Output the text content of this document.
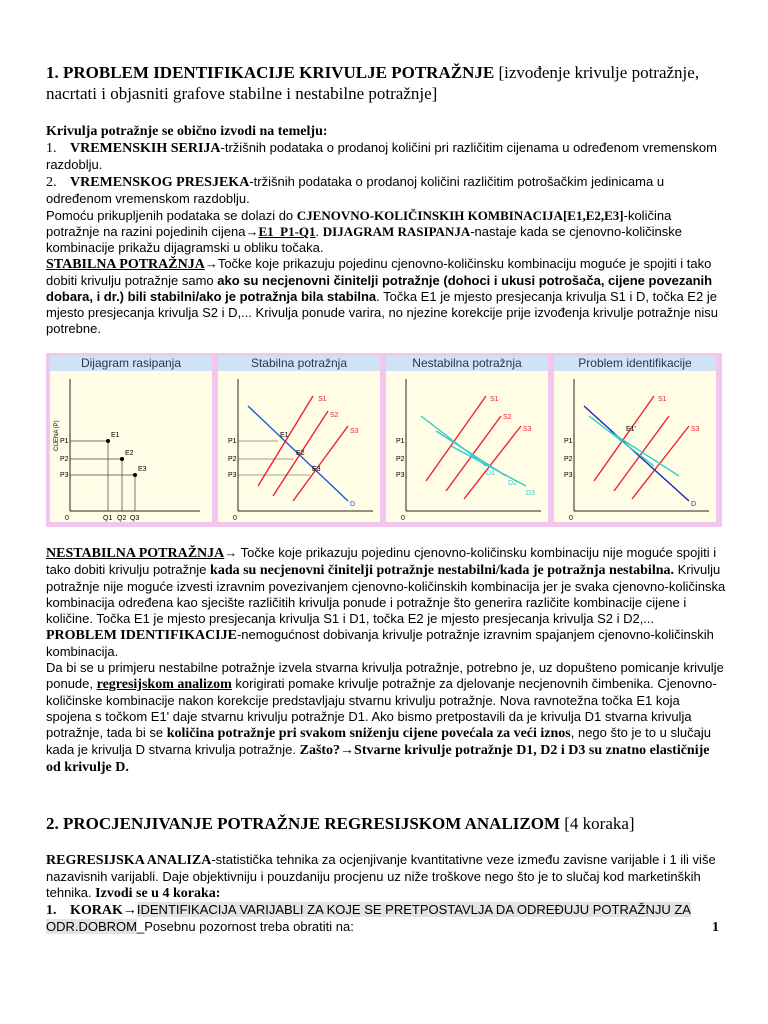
1. PROBLEM IDENTIFIKACIJE KRIVULJE POTRAŽNJE [izvođenje krivulje potražnje, nacrtati i objasniti grafove stabilne i nestabilne potražnje]
Krivulja potražnje se obično izvodi na temelju:
1. VREMENSKIH SERIJA-tržišnih podataka o prodanoj količini pri različitim cijenama u određenom vremenskom razdoblju.
2. VREMENSKOG PRESJEKA-tržišnih podataka o prodanoj količini različitim potrošačkim jedinicama u određenom vremenskom razdoblju.
Pomoću prikupljenih podataka se dolazi do CJENOVNO-KOLIČINSKIH KOMBINACIJA[E1,E2,E3]-količina potražnje na razini pojedinih cijena→E1_P1-Q1. DIJAGRAM RASIPANJA-nastaje kada se cjenovno-količinske kombinacije prikažu dijagramski u obliku točaka.
STABILNA POTRAŽNJA→Točke koje prikazuju pojedinu cjenovno-količinsku kombinaciju moguće je spojiti i tako dobiti krivulju potražnje samo ako su necjenovni činitelji potražnje (dohoci i ukusi potrošača, cijene povezanih dobara, i dr.) bili stabilni/ako je potražnja bila stabilna. Točka E1 je mjesto presjecanja krivulja S1 i D, točka E2 je mjesto presjecanja krivulja S2 i D,... Krivulja ponude varira, no njezine korekcije prije izvođenja krivulje potražnje nisu potrebne.
Dijagram rasipanja
CIJENA (P) P1
P2
P3
0	Q1 Q2 Q3
E1
E2
E3
Stabilna potražnja
P1
P2
P3
0
S1
S2
S3
D
E1
E2
E3
Nestabilna potražnja
P1
P2
P3
0
S1
S2
S3
D1
D2
D3
Problem identifikacije
P1
P2
P3
0
S1
S3
D
E1'
NESTABILNA POTRAŽNJA→ Točke koje prikazuju pojedinu cjenovno-količinsku kombinaciju nije moguće spojiti i tako dobiti krivulju potražnje kada su necjenovni činitelji potražnje nestabilni/kada je potražnja nestabilna. Krivulju potražnje nije moguće izvesti izravnim povezivanjem cjenovno-količinskih kombinacija jer je svaka cjenovno-količinska kombinacija određena kao sjecište različitih krivulja ponude i potražnje što generira različite kombinacije cijene i količine. Točka E1 je mjesto presjecanja krivulja S1 i D1, točka E2 je mjesto presjecanja krivulja S2 i D2,...
PROBLEM IDENTIFIKACIJE-nemogućnost dobivanja krivulje potražnje izravnim spajanjem cjenovno-količinskih kombinacija.
Da bi se u primjeru nestabilne potražnje izvela stvarna krivulja potražnje, potrebno je, uz dopušteno pomicanje krivulje ponude, regresijskom analizom korigirati pomake krivulje potražnje za djelovanje necjenovnih čimbenika. Cjenovno-količinske kombinacije nakon korekcije predstavljaju stvarnu krivulju potražnje. Nova ravnotežna točka E1 koja spojena s točkom E1' daje stvarnu krivulju potražnje D1. Ako bismo pretpostavili da je krivulja D1 stvarna krivulja potražnje, tada bi se količina potražnje pri svakom sniženju cijene povećala za veći iznos, nego što je to u slučaju kada je krivulja D stvarna krivulja potražnje. Zašto?→Stvarne krivulje potražnje D1, D2 i D3 su znatno elastičnije od krivulje D.
2. PROCJENJIVANJE POTRAŽNJE REGRESIJSKOM ANALIZOM [4 koraka]
REGRESIJSKA ANALIZA-statistička tehnika za ocjenjivanje kvantitativne veze između zavisne varijable i 1 ili više nazavisnih varijabli. Daje objektivniju i pouzdaniju procjenu uz niže troškove nego što je to slučaj kod marketinških tehnika. Izvodi se u 4 koraka:
1. KORAK→IDENTIFIKACIJA VARIJABLI ZA KOJE SE PRETPOSTAVLJA DA ODREĐUJU POTRAŽNJU ZA ODR.DOBROM_Posebnu pozornost treba obratiti na:	1
